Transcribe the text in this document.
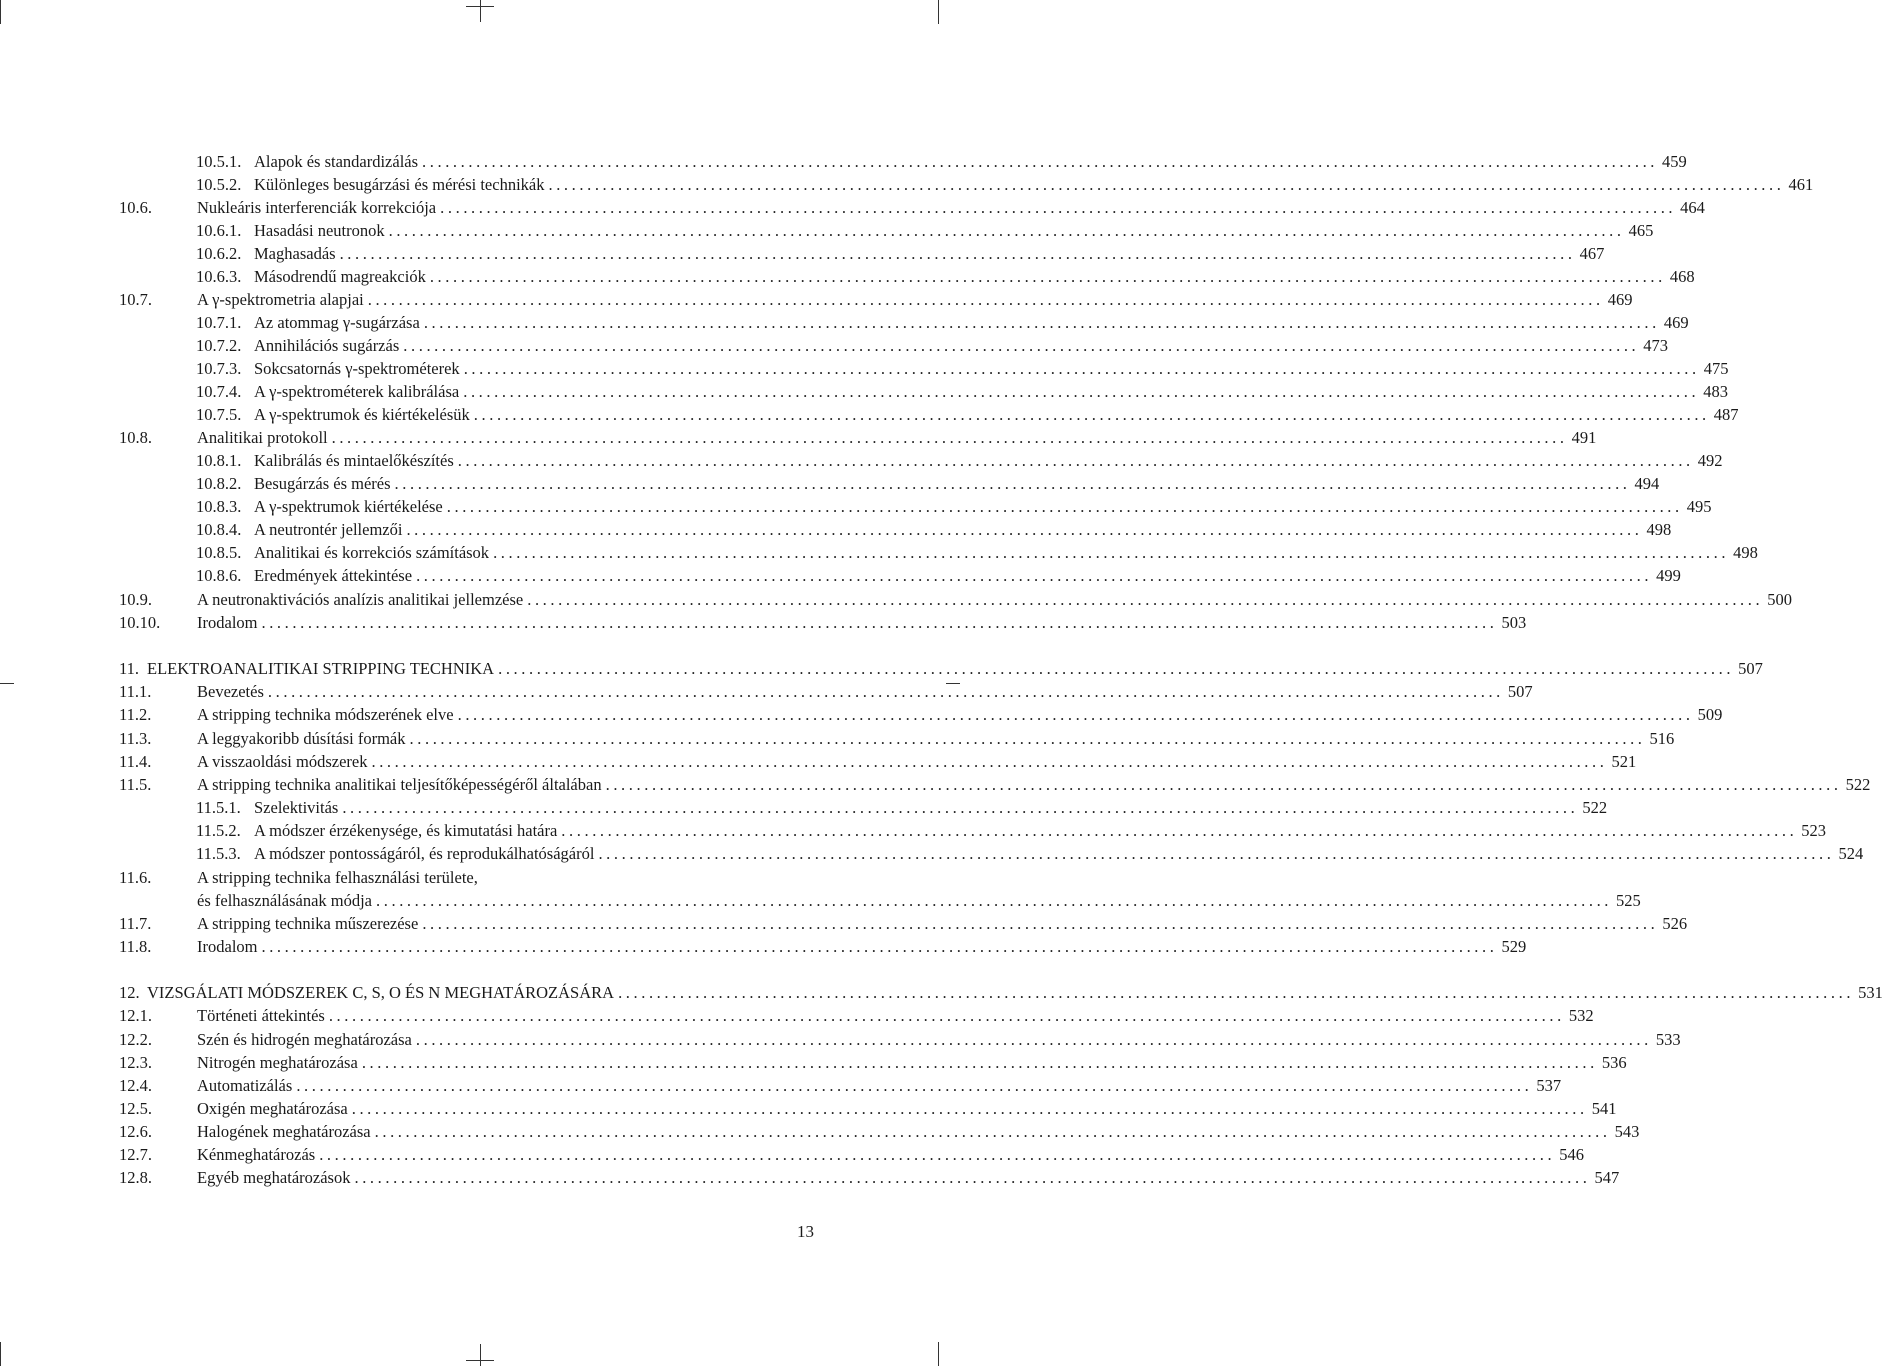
10.5.1. Alapok és standardizálás ................................................................................................................................................................ 459
10.5.2. Különleges besugárzási és mérési technikák ................................................................................................................................................................ 461
10.6.	Nukleáris interferenciák korrekciója ................................................................................................................................................................ 464
10.6.1. Hasadási neutronok ................................................................................................................................................................ 465
10.6.2. Maghasadás ................................................................................................................................................................ 467
10.6.3. Másodrendű magreakciók ................................................................................................................................................................ 468
10.7.	A γ-spektrometria alapjai ................................................................................................................................................................ 469
10.7.1. Az atommag γ-sugárzása ................................................................................................................................................................ 469
10.7.2. Annihilációs sugárzás ................................................................................................................................................................ 473
10.7.3. Sokcsatornás γ-spektrométerek ................................................................................................................................................................ 475
10.7.4. A γ-spektrométerek kalibrálása ................................................................................................................................................................ 483
10.7.5. A γ-spektrumok és kiértékelésük ................................................................................................................................................................ 487
10.8.	Analitikai protokoll ................................................................................................................................................................ 491
10.8.1. Kalibrálás és mintaelőkészítés ................................................................................................................................................................ 492
10.8.2. Besugárzás és mérés ................................................................................................................................................................ 494
10.8.3. A γ-spektrumok kiértékelése ................................................................................................................................................................ 495
10.8.4. A neutrontér jellemzői ................................................................................................................................................................ 498
10.8.5. Analitikai és korrekciós számítások ................................................................................................................................................................ 498
10.8.6. Eredmények áttekintése ................................................................................................................................................................ 499
10.9.	A neutronaktivációs analízis analitikai jellemzése ................................................................................................................................................................ 500
10.10.	Irodalom ................................................................................................................................................................ 503
11. ELEKTROANALITIKAI STRIPPING TECHNIKA ................................................................................................................................................................ 507
11.1.	Bevezetés ................................................................................................................................................................ 507
11.2.	A stripping technika módszerének elve ................................................................................................................................................................ 509
11.3.	A leggyakoribb dúsítási formák ................................................................................................................................................................ 516
11.4.	A visszaoldási módszerek ................................................................................................................................................................ 521
11.5.	A stripping technika analitikai teljesítőképességéről általában ................................................................................................................................................................ 522
11.5.1. Szelektivitás ................................................................................................................................................................ 522
11.5.2. A módszer érzékenysége, és kimutatási határa ................................................................................................................................................................ 523
11.5.3. A módszer pontosságáról, és reprodukálhatóságáról ................................................................................................................................................................ 524
11.6.	A stripping technika felhasználási területe,
és felhasználásának módja ................................................................................................................................................................ 525
11.7.	A stripping technika műszerezése ................................................................................................................................................................ 526
11.8.	Irodalom ................................................................................................................................................................ 529
12. VIZSGÁLATI MÓDSZEREK C, S, O ÉS N MEGHATÁROZÁSÁRA ................................................................................................................................................................ 531
12.1.	Történeti áttekintés ................................................................................................................................................................ 532
12.2.	Szén és hidrogén meghatározása ................................................................................................................................................................ 533
12.3.	Nitrogén meghatározása ................................................................................................................................................................ 536
12.4.	Automatizálás ................................................................................................................................................................ 537
12.5.	Oxigén meghatározása ................................................................................................................................................................ 541
12.6.	Halogének meghatározása ................................................................................................................................................................ 543
12.7.	Kénmeghatározás ................................................................................................................................................................ 546
12.8.	Egyéb meghatározások ................................................................................................................................................................ 547
13
